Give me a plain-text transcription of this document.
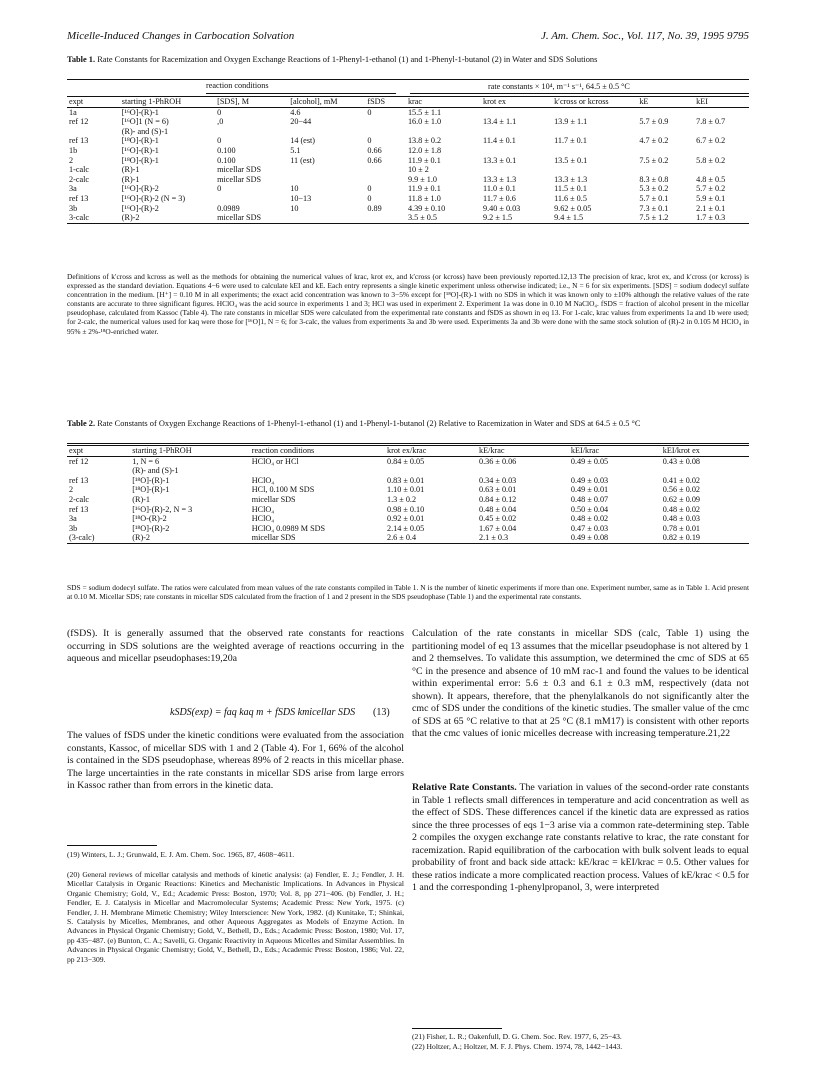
Micelle-Induced Changes in Carbocation Solvation	J. Am. Chem. Soc., Vol. 117, No. 39, 1995 9795
Table 1. Rate Constants for Racemization and Oxygen Exchange Reactions of 1-Phenyl-1-ethanol (1) and 1-Phenyl-1-butanol (2) in Water and SDS Solutions
reaction conditions	rate constants × 10⁴, m⁻¹ s⁻¹, 64.5 ± 0.5 °C
expt	starting 1-PhROH	[SDS], M	[alcohol], mM	fSDS	krac	krot ex	k′cross or kcross	kE	kEI
1a	[¹⁶O]-(R)-1	0	4.6	0	15.5 ± 1.1				
ref 12	[¹⁶O]1 (N = 6)	,0	20−44		16.0 ± 1.0	13.4 ± 1.1	13.9 ± 1.1	5.7 ± 0.9	7.8 ± 0.7
	(R)- and (S)-1								
ref 13	[¹⁸O]-(R)-1	0	14 (est)	0	13.8 ± 0.2	11.4 ± 0.1	11.7 ± 0.1	4.7 ± 0.2	6.7 ± 0.2
1b	[¹⁶O]-(R)-1	0.100	5.1	0.66	12.0 ± 1.8				
2	[¹⁸O]-(R)-1	0.100	11 (est)	0.66	11.9 ± 0.1	13.3 ± 0.1	13.5 ± 0.1	7.5 ± 0.2	5.8 ± 0.2
1-calc	(R)-1	micellar SDS			10 ± 2				
2-calc	(R)-1	micellar SDS			9.9 ± 1.0	13.3 ± 1.3	13.3 ± 1.3	8.3 ± 0.8	4.8 ± 0.5
3a	[¹⁶O]-(R)-2	0	10	0	11.9 ± 0.1	11.0 ± 0.1	11.5 ± 0.1	5.3 ± 0.2	5.7 ± 0.2
ref 13	[¹⁶O]-(R)-2 (N = 3)		10−13	0	11.8 ± 1.0	11.7 ± 0.6	11.6 ± 0.5	5.7 ± 0.1	5.9 ± 0.1
3b	[¹⁶O]-(R)-2	0.0989	10	0.89	4.39 ± 0.10	9.40 ± 0.03	9.62 ± 0.05	7.3 ± 0.1	2.1 ± 0.1
3-calc	(R)-2	micellar SDS			3.5 ± 0.5	9.2 ± 1.5	9.4 ± 1.5	7.5 ± 1.2	1.7 ± 0.3
Definitions of k′cross and kcross as well as the methods for obtaining the numerical values of krac, krot ex, and k′cross (or kcross) have been previously reported.12,13 The precision of krac, krot ex, and k′cross (or kcross) is expressed as the standard deviation. Equations 4−6 were used to calculate kEI and kE. Each entry represents a single kinetic experiment unless otherwise indicated; i.e., N = 6 for six experiments. [SDS] = sodium dodecyl sulfate concentration in the medium. [H⁺] = 0.10 M in all experiments; the exact acid concentration was known to 3−5% except for [¹⁸O]-(R)-1 with no SDS in which it was known only to ±10% although the relative values of the rate constants are accurate to three significant figures. HClO₄ was the acid source in experiments 1 and 3; HCl was used in experiment 2. Experiment 1a was done in 0.10 M NaClO₄. fSDS = fraction of alcohol present in the micellar pseudophase, calculated from Kassoc (Table 4). The rate constants in micellar SDS were calculated from the experimental rate constants and fSDS as shown in eq 13. For 1-calc, krac values from experiments 1a and 1b were used; for 2-calc, the numerical values used for kaq were those for [¹⁶O]1, N = 6; for 3-calc, the values from experiments 3a and 3b were used. Experiments 3a and 3b were done with the same stock solution of (R)-2 in 0.105 M HClO₄ in 95% ± 2%-¹⁸O-enriched water.
Table 2. Rate Constants of Oxygen Exchange Reactions of 1-Phenyl-1-ethanol (1) and 1-Phenyl-1-butanol (2) Relative to Racemization in Water and SDS at 64.5 ± 0.5 °C
expt	starting 1-PhROH	reaction conditions	krot ex/krac	kE/krac	kEI/krac	kEI/krot ex
ref 12	1, N = 6	HClO₄ or HCl	0.84 ± 0.05	0.36 ± 0.06	0.49 ± 0.05	0.43 ± 0.08
	(R)- and (S)-1					
ref 13	[¹⁸O]-(R)-1	HClO₄	0.83 ± 0.01	0.34 ± 0.03	0.49 ± 0.03	0.41 ± 0.02
2	[¹⁸O]-(R)-1	HCl, 0.100 M SDS	1.10 ± 0.01	0.63 ± 0.01	0.49 ± 0.01	0.56 ± 0.02
2-calc	(R)-1	micellar SDS	1.3 ± 0.2	0.84 ± 0.12	0.48 ± 0.07	0.62 ± 0.09
ref 13	[¹⁶O]-(R)-2, N = 3	HClO₄	0.98 ± 0.10	0.48 ± 0.04	0.50 ± 0.04	0.48 ± 0.02
3a	[¹⁸O-(R)-2	HClO₄	0.92 ± 0.01	0.45 ± 0.02	0.48 ± 0.02	0.48 ± 0.03
3b	[¹⁸O]-(R)-2	HClO₄ 0.0989 M SDS	2.14 ± 0.05	1.67 ± 0.04	0.47 ± 0.03	0.78 ± 0.01
(3-calc)	(R)-2	micellar SDS	2.6 ± 0.4	2.1 ± 0.3	0.49 ± 0.08	0.82 ± 0.19
SDS = sodium dodecyl sulfate. The ratios were calculated from mean values of the rate constants compiled in Table 1. N is the number of kinetic experiments if more than one. Experiment number, same as in Table 1. Acid present at 0.10 M. Micellar SDS; rate constants in micellar SDS calculated from the fraction of 1 and 2 present in the SDS pseudophase (Table 1) and the experimental rate constants.
(fSDS). It is generally assumed that the observed rate constants for reactions occurring in SDS solutions are the weighted average of reactions occurring in the aqueous and micellar pseudophases:19,20a
kSDS(exp) = faq kaq m + fSDS kmicellar SDS (13)
The values of fSDS under the kinetic conditions were evaluated from the association constants, Kassoc, of micellar SDS with 1 and 2 (Table 4). For 1, 66% of the alcohol is contained in the SDS pseudophase, whereas 89% of 2 reacts in this micellar phase. The large uncertainties in the rate constants in micellar SDS arise from large errors in Kassoc rather than from errors in the kinetic data.
(19) Winters, L. J.; Grunwald, E. J. Am. Chem. Soc. 1965, 87, 4608−4611.
(20) General reviews of micellar catalysis and methods of kinetic analysis: (a) Fendler, E. J.; Fendler, J. H. Micellar Catalysis in Organic Reactions: Kinetics and Mechanistic Implications. In Advances in Physical Organic Chemistry; Gold, V., Ed.; Academic Press: Boston, 1970; Vol. 8, pp 271−406. (b) Fendler, J. H.; Fendler, E. J. Catalysis in Micellar and Macromolecular Systems; Academic Press: New York, 1975. (c) Fendler, J. H. Membrane Mimetic Chemistry; Wiley Interscience: New York, 1982. (d) Kunitake, T.; Shinkai, S. Catalysis by Micelles, Membranes, and other Aqueous Aggregates as Models of Enzyme Action. In Advances in Physical Organic Chemistry; Gold, V., Bethell, D., Eds.; Academic Press: Boston, 1980; Vol. 17, pp 435−487. (e) Bunton, C. A.; Savelli, G. Organic Reactivity in Aqueous Micelles and Similar Assemblies. In Advances in Physical Organic Chemistry; Gold, V., Bethell, D., Eds.; Academic Press: Boston, 1986; Vol. 22, pp 213−309.
Calculation of the rate constants in micellar SDS (calc, Table 1) using the partitioning model of eq 13 assumes that the micellar pseudophase is not altered by 1 and 2 themselves. To validate this assumption, we determined the cmc of SDS at 65 °C in the presence and absence of 10 mM rac-1 and found the values to be identical within experimental error: 5.6 ± 0.3 and 6.1 ± 0.3 mM, respectively (data not shown). It appears, therefore, that the phenylalkanols do not significantly alter the cmc of SDS under the conditions of the kinetic studies. The smaller value of the cmc of SDS at 65 °C relative to that at 25 °C (8.1 mM17) is consistent with other reports that the cmc values of ionic micelles decrease with increasing temperature.21,22
Relative Rate Constants. The variation in values of the second-order rate constants in Table 1 reflects small differences in temperature and acid concentration as well as the effect of SDS. These differences cancel if the kinetic data are expressed as ratios since the three processes of eqs 1−3 arise via a common rate-determining step. Table 2 compiles the oxygen exchange rate constants relative to krac, the rate constant for racemization. Rapid equilibration of the carbocation with bulk solvent leads to equal probability of front and back side attack: kE/krac = kEI/krac = 0.5. Other values for these ratios indicate a more complicated reaction process. Values of kE/krac < 0.5 for 1 and the corresponding 1-phenylpropanol, 3, were interpreted
(21) Fisher, L. R.; Oakenfull, D. G. Chem. Soc. Rev. 1977, 6, 25−43.
(22) Holtzer, A.; Holtzer, M. F. J. Phys. Chem. 1974, 78, 1442−1443.
